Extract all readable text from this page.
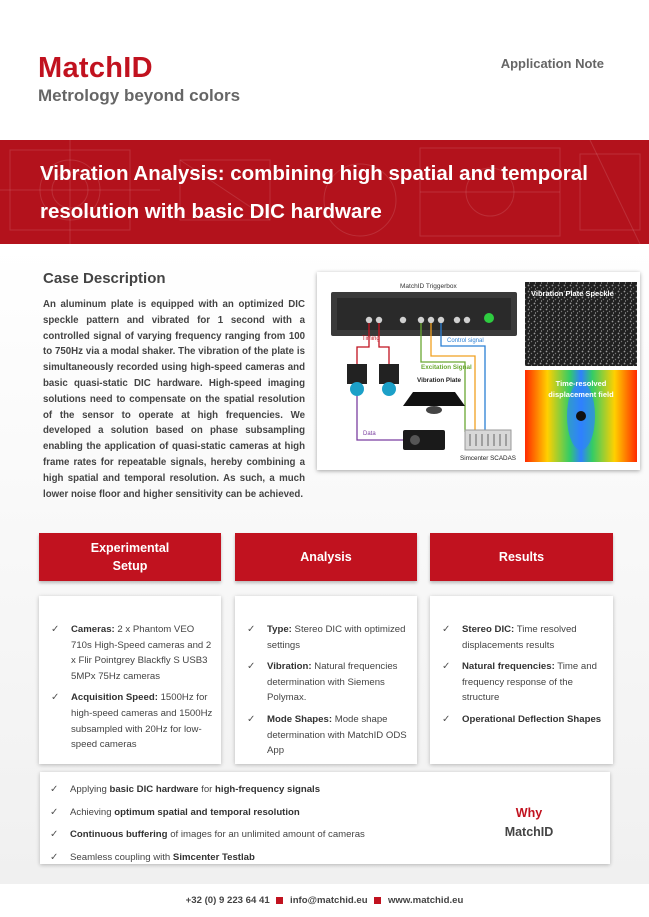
MatchID
Metrology beyond colors
Application Note
Vibration Analysis: combining high spatial and temporal resolution with basic DIC hardware
Case Description
An aluminum plate is equipped with an optimized DIC speckle pattern and vibrated for 1 second with a controlled signal of varying frequency ranging from 100 to 750Hz via a modal shaker. The vibration of the plate is simultaneously recorded using high-speed cameras and basic quasi-static DIC hardware. High-speed imaging solutions need to compensate on the spatial resolution of the sensor to operate at high frequencies. We developed a solution based on phase subsampling enabling the application of quasi-static cameras at high frame rates for repeatable signals, hereby combining a high spatial and temporal resolution. As such, a much lower noise floor and higher sensitivity can be achieved.
MatchID Triggerbox
Timing	Control signal
Excitation Signal
Data
Vibration Plate
Simcenter SCADAS
Vibration Plate Speckle
Time-resolved
displacement field
Experimental Setup
Analysis	Results
✓ Cameras: 2 x Phantom VEO 710s High-Speed cameras and 2 x Flir Pointgrey Blackfly S USB3 5MPx 75Hz cameras
✓ Acquisition Speed: 1500Hz for high-speed cameras and 1500Hz subsampled with 20Hz for low-speed cameras
✓ Type: Stereo DIC with optimized settings
✓ Vibration: Natural frequencies determination with Siemens Polymax.
✓ Mode Shapes: Mode shape determination with MatchID ODS App
✓ Stereo DIC: Time resolved displacements results
✓ Natural frequencies: Time and frequency response of the structure
✓ Operational Deflection Shapes
✓ Applying basic DIC hardware for high-frequency signals
✓ Achieving optimum spatial and temporal resolution
✓ Continuous buffering of images for an unlimited amount of cameras
✓ Seamless coupling with Simcenter Testlab
Why
MatchID
+32 (0) 9 223 64 41 info@matchid.eu www.matchid.eu
